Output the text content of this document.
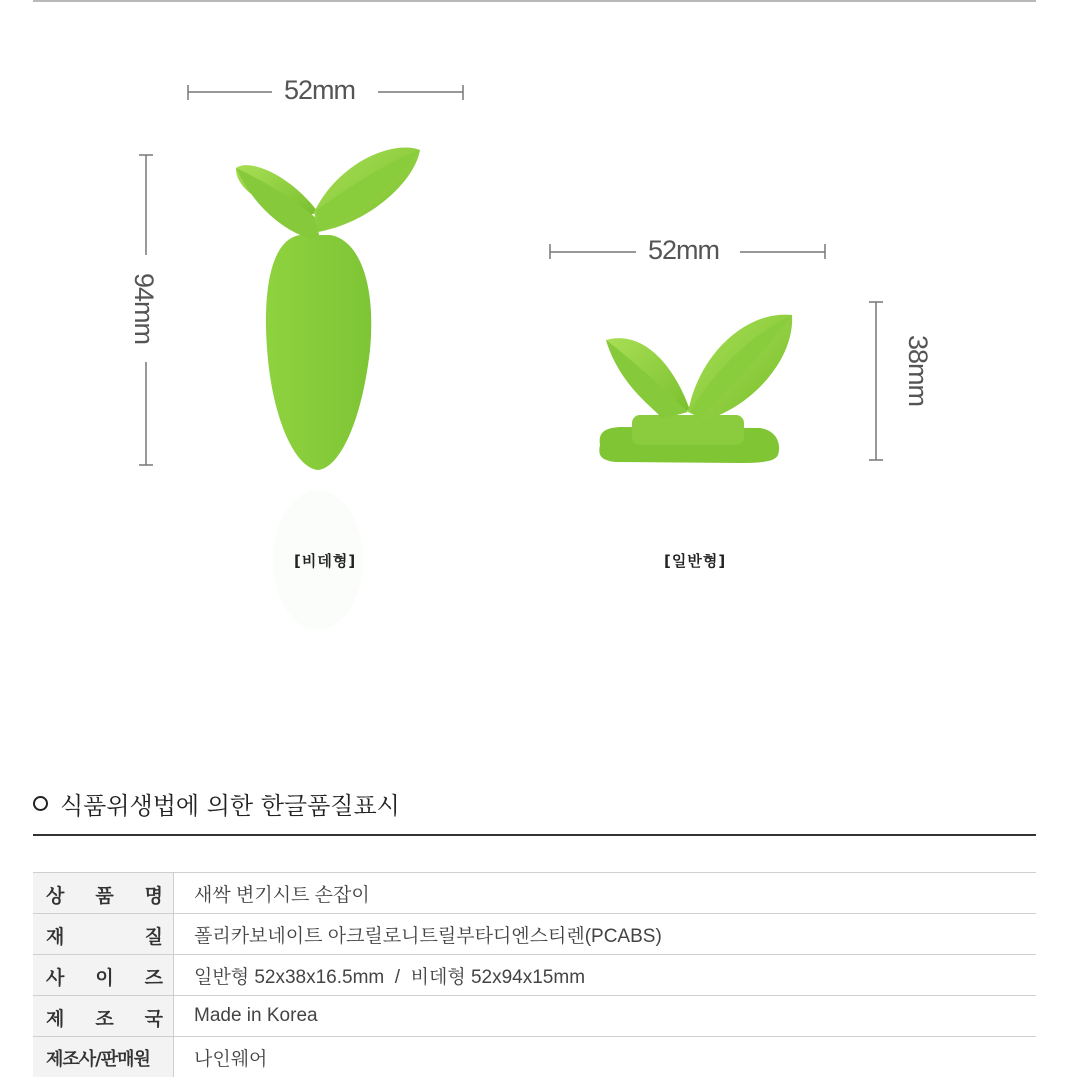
52mm
94mm
52mm
38mm
[비데형]	[일반형]
식품위생법에 의한 한글품질표시
상 품 명	새싹 변기시트 손잡이

재 질	폴리카보네이트 아크릴로니트릴부타디엔스티렌(PCABS)

사 이 즈	일반형 52x38x16.5mm  /  비데형 52x94x15mm

제 조 국	Made in Korea

제조사/판매원	나인웨어
